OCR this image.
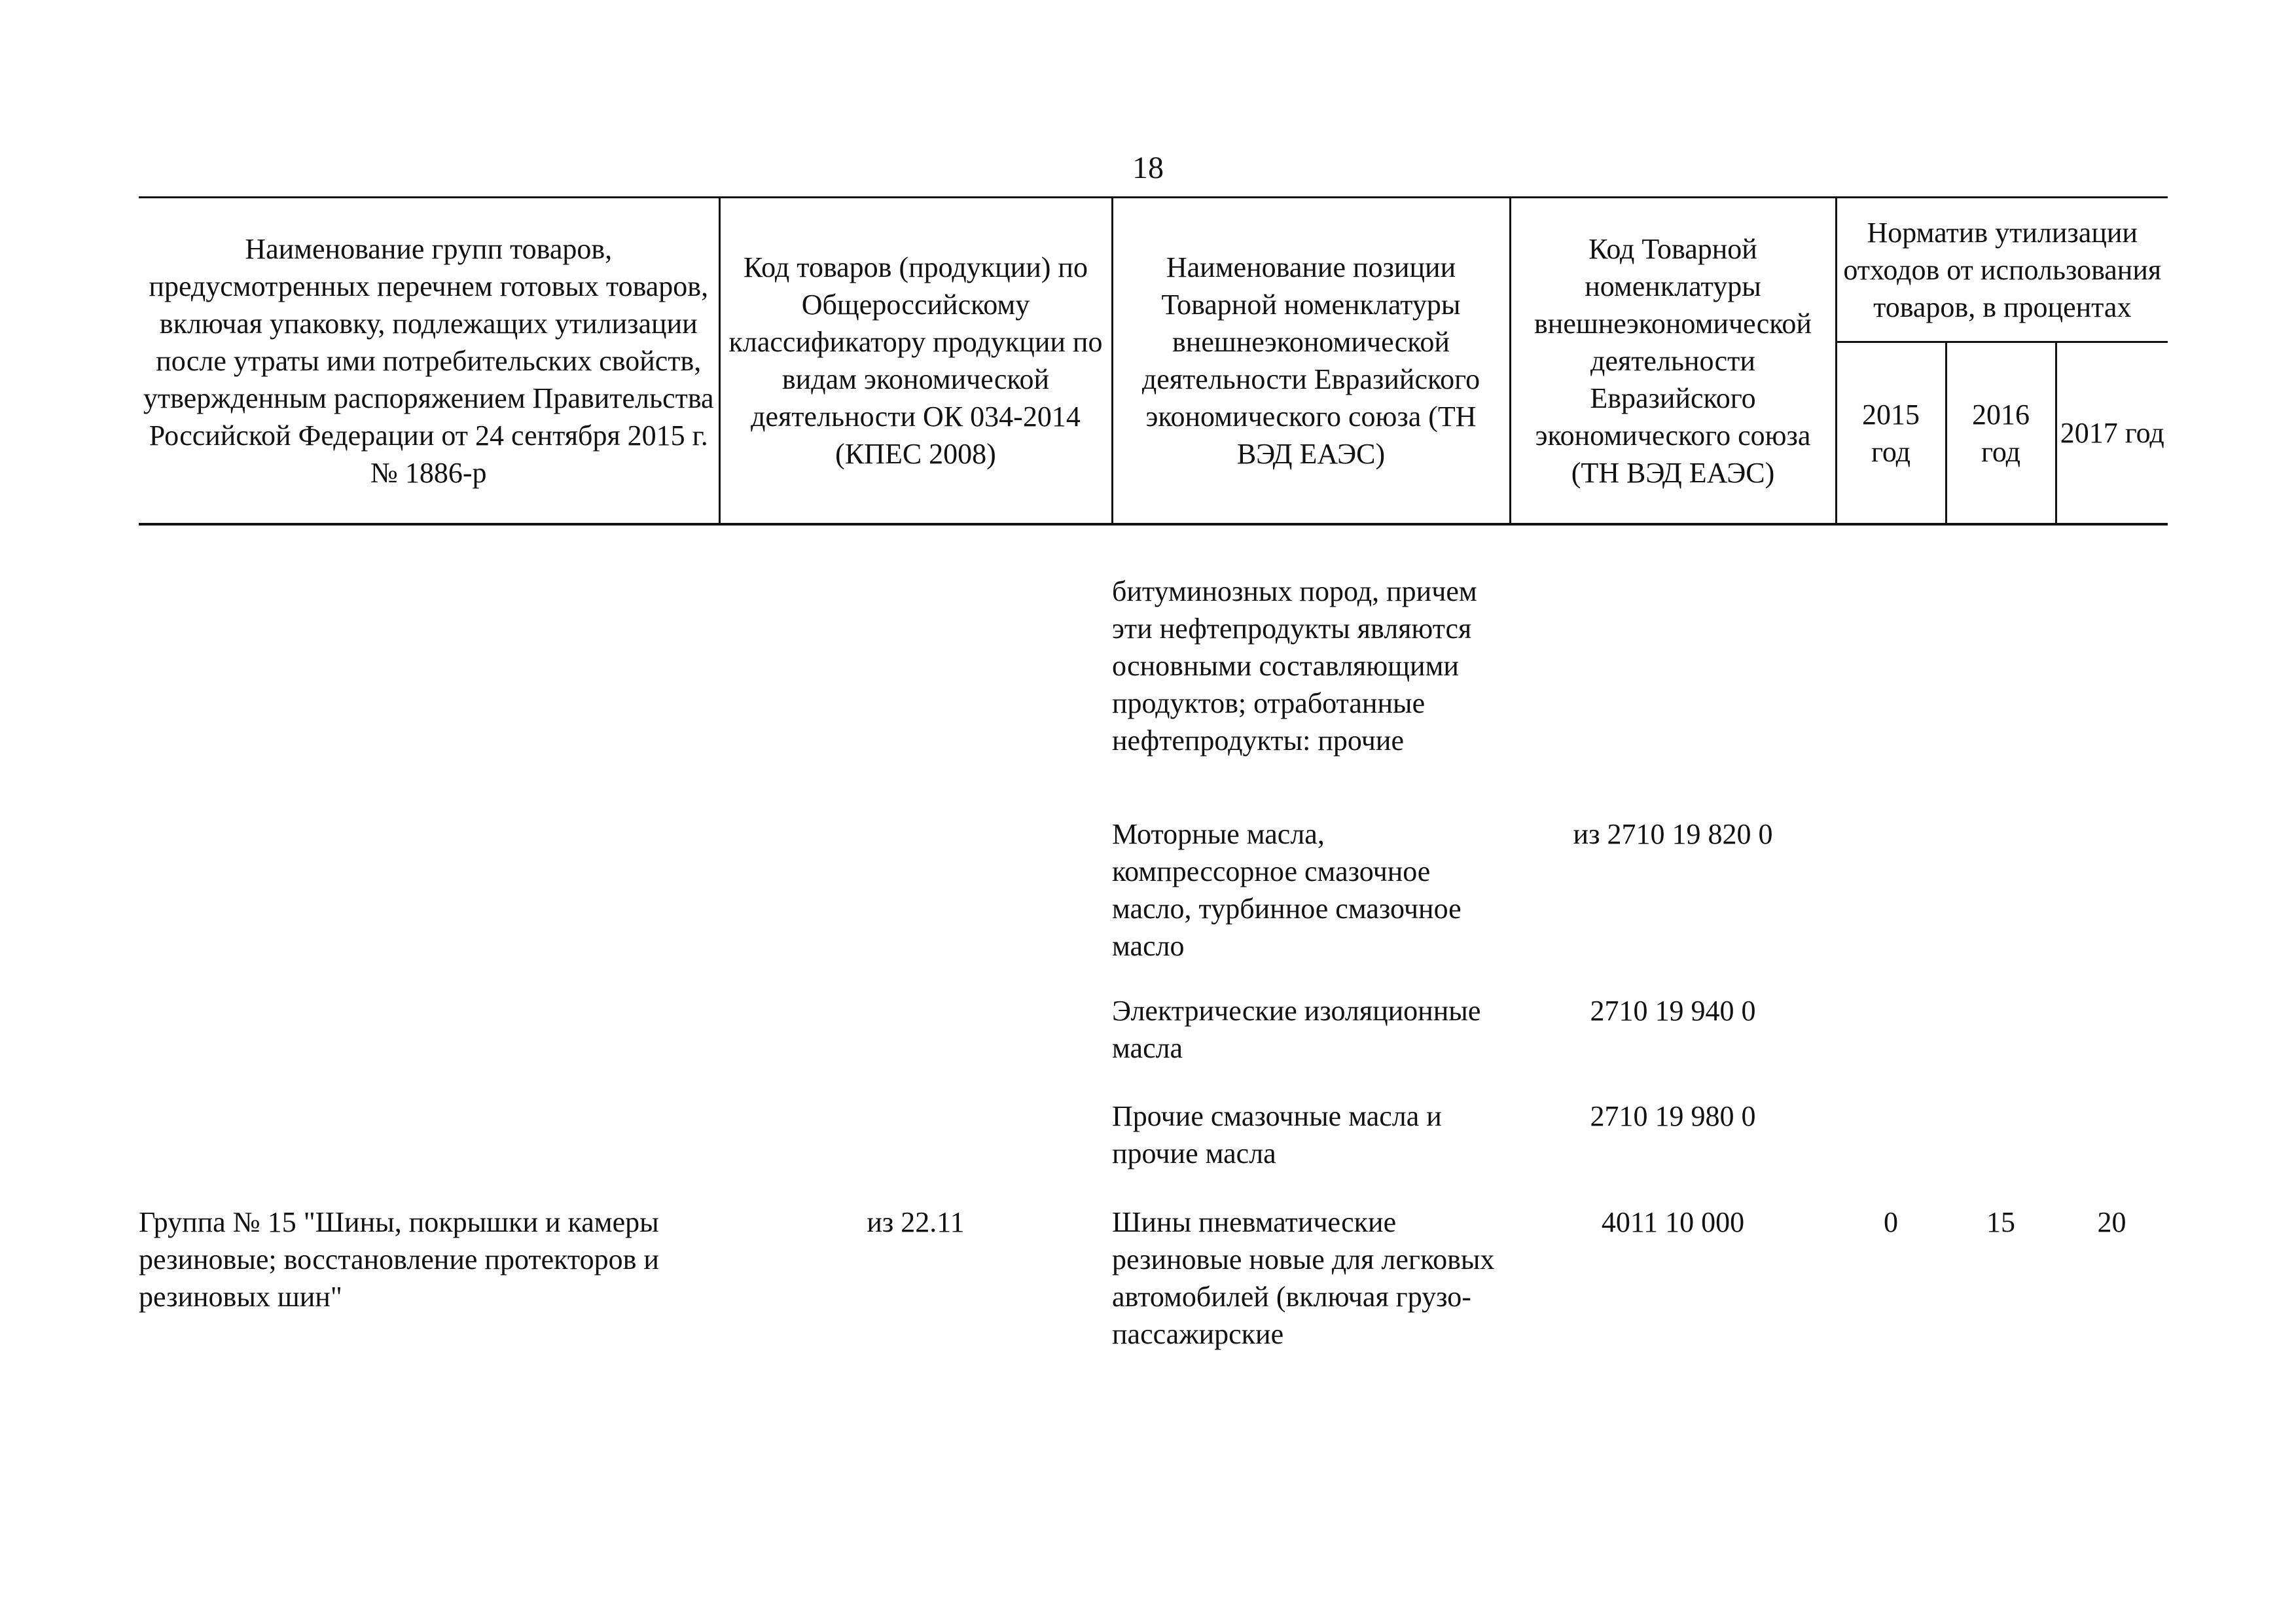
18
Наименование групп товаров, предусмотренных перечнем готовых товаров, включая упаковку, подлежащих утилизации после утраты ими потребительских свойств, утвержденным распоряжением Правительства Российской Федерации от 24 сентября 2015 г. № 1886-р	Код товаров (продукции) по Общероссийскому классификатору продукции по видам экономической деятельности ОК 034-2014 (КПЕС 2008)	Наименование позиции Товарной номенклатуры внешнеэкономической деятельности Евразийского экономического союза (ТН ВЭД ЕАЭС)	Код Товарной номенклатуры внешнеэкономической деятельности Евразийского экономического союза (ТН ВЭД ЕАЭС)	Норматив утилизации отходов от использования товаров, в процентах		
				2015 год	2016 год	2017 год
		битуминозных пород, причем эти нефтепродукты являются основными составляющими продуктов; отработанные нефтепродукты: прочие				
		Моторные масла, компрессорное смазочное масло, турбинное смазочное масло	из 2710 19 820 0			
		Электрические изоляционные масла	2710 19 940 0			
		Прочие смазочные масла и прочие масла	2710 19 980 0			
Группа № 15 "Шины, покрышки и камеры резиновые; восстановление протекторов и резиновых шин"	из 22.11	Шины пневматические резиновые новые для легковых автомобилей (включая грузо-пассажирские	4011 10 000	0	15	20
